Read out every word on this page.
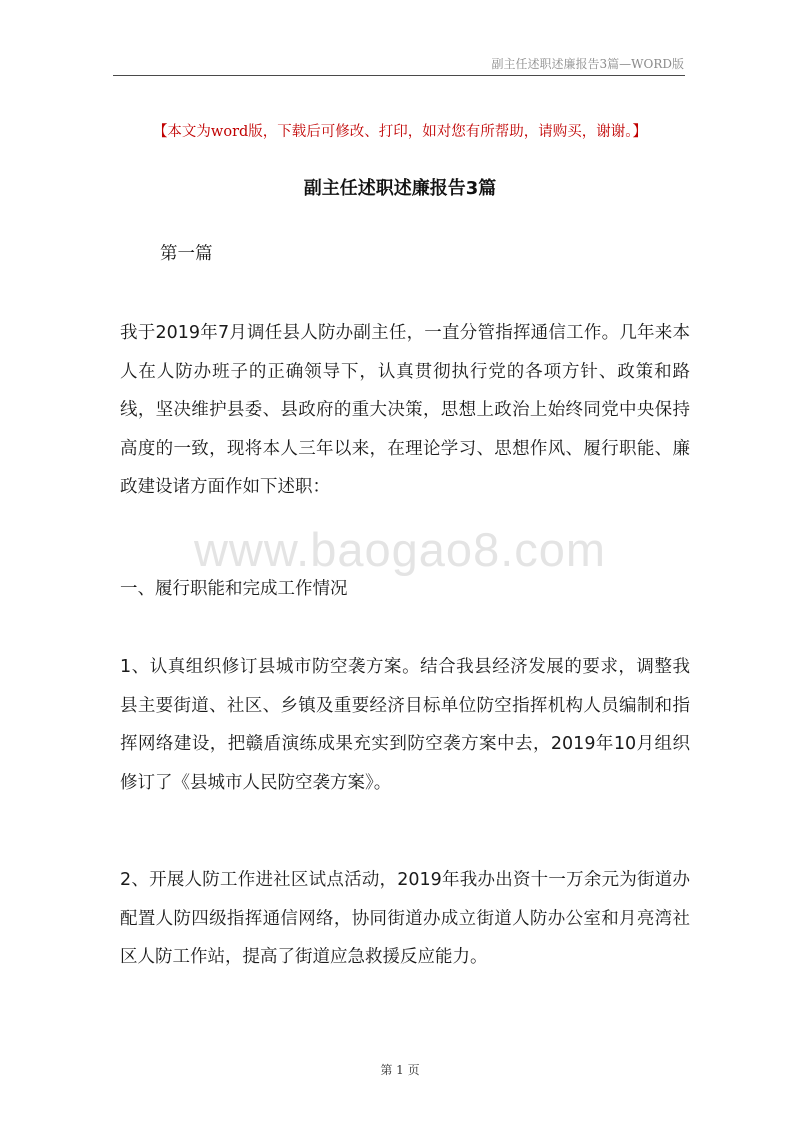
副主任述职述廉报告3篇—WORD版
【本文为word版，下载后可修改、打印，如对您有所帮助，请购买，谢谢。】
副主任述职述廉报告3篇
第一篇

我于2019年7月调任县人防办副主任，一直分管指挥通信工作。几年来本人在人防办班子的正确领导下，认真贯彻执行党的各项方针、政策和路线，坚决维护县委、县政府的重大决策，思想上政治上始终同党中央保持高度的一致，现将本人三年以来，在理论学习、思想作风、履行职能、廉政建设诸方面作如下述职：

www.baogao8.com
一、履行职能和完成工作情况

1、认真组织修订县城市防空袭方案。结合我县经济发展的要求，调整我县主要街道、社区、乡镇及重要经济目标单位防空指挥机构人员编制和指挥网络建设，把赣盾演练成果充实到防空袭方案中去，2019年10月组织修订了《县城市人民防空袭方案》。

2、开展人防工作进社区试点活动，2019年我办出资十一万余元为街道办配置人防四级指挥通信网络，协同街道办成立街道人防办公室和月亮湾社区人防工作站，提高了街道应急救援反应能力。

第 1 页
